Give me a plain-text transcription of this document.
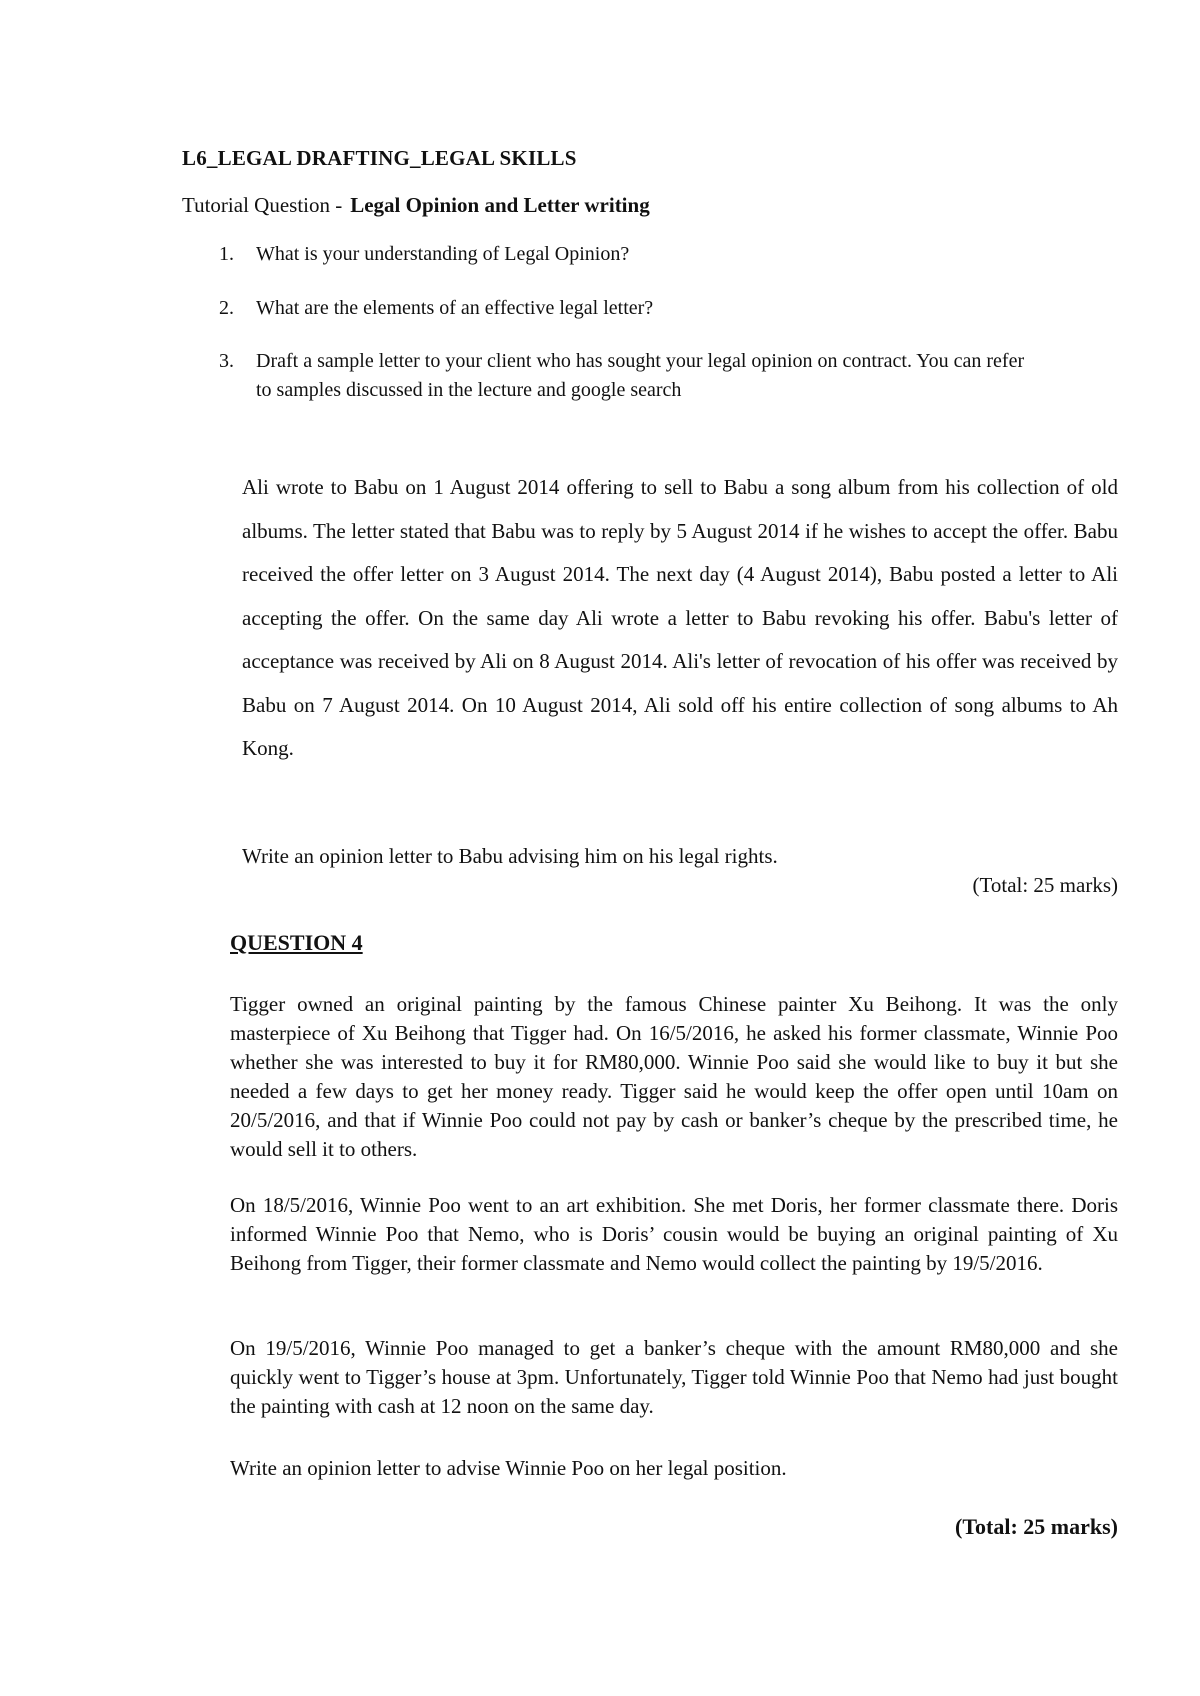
L6_LEGAL DRAFTING_LEGAL SKILLS
Tutorial Question - Legal Opinion and Letter writing
1. What is your understanding of Legal Opinion?
2. What are the elements of an effective legal letter?
3. Draft a sample letter to your client who has sought your legal opinion on contract. You can refer to samples discussed in the lecture and google search
Ali wrote to Babu on 1 August 2014 offering to sell to Babu a song album from his collection of old albums. The letter stated that Babu was to reply by 5 August 2014 if he wishes to accept the offer. Babu received the offer letter on 3 August 2014. The next day (4 August 2014), Babu posted a letter to Ali accepting the offer. On the same day Ali wrote a letter to Babu revoking his offer. Babu's letter of acceptance was received by Ali on 8 August 2014. Ali's letter of revocation of his offer was received by Babu on 7 August 2014. On 10 August 2014, Ali sold off his entire collection of song albums to Ah Kong.
Write an opinion letter to Babu advising him on his legal rights.
(Total: 25 marks)
QUESTION 4
Tigger owned an original painting by the famous Chinese painter Xu Beihong. It was the only masterpiece of Xu Beihong that Tigger had. On 16/5/2016, he asked his former classmate, Winnie Poo whether she was interested to buy it for RM80,000. Winnie Poo said she would like to buy it but she needed a few days to get her money ready. Tigger said he would keep the offer open until 10am on 20/5/2016, and that if Winnie Poo could not pay by cash or banker’s cheque by the prescribed time, he would sell it to others.
On 18/5/2016, Winnie Poo went to an art exhibition. She met Doris, her former classmate there. Doris informed Winnie Poo that Nemo, who is Doris’ cousin would be buying an original painting of Xu Beihong from Tigger, their former classmate and Nemo would collect the painting by 19/5/2016.
On 19/5/2016, Winnie Poo managed to get a banker’s cheque with the amount RM80,000 and she quickly went to Tigger’s house at 3pm. Unfortunately, Tigger told Winnie Poo that Nemo had just bought the painting with cash at 12 noon on the same day.
Write an opinion letter to advise Winnie Poo on her legal position.
(Total: 25 marks)
